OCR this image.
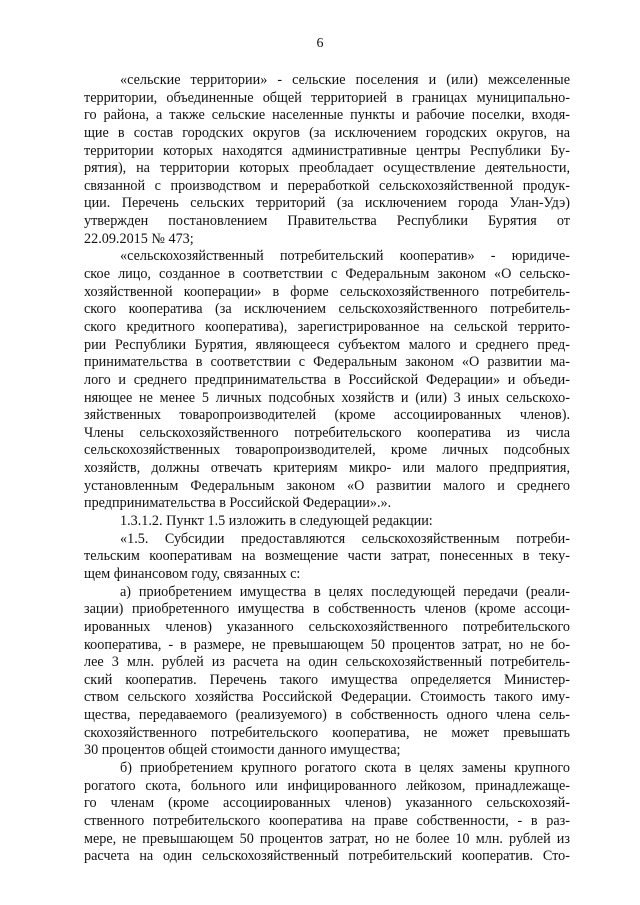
6
«сельские территории» - сельские поселения и (или) межселенные
территории, объединенные общей территорией в границах муниципально-
го района, а также сельские населенные пункты и рабочие поселки, входя-
щие в состав городских округов (за исключением городских округов, на
территории которых находятся административные центры Республики Бу-
рятия), на территории которых преобладает осуществление деятельности,
связанной с производством и переработкой сельскохозяйственной продук-
ции. Перечень сельских территорий (за исключением города Улан-Удэ)
утвержден постановлением Правительства Республики Бурятия от
22.09.2015 № 473;
«сельскохозяйственный потребительский кооператив» - юридиче-
ское лицо, созданное в соответствии с Федеральным законом «О сельско-
хозяйственной кооперации» в форме сельскохозяйственного потребитель-
ского кооператива (за исключением сельскохозяйственного потребитель-
ского кредитного кооператива), зарегистрированное на сельской террито-
рии Республики Бурятия, являющееся субъектом малого и среднего пред-
принимательства в соответствии с Федеральным законом «О развитии ма-
лого и среднего предпринимательства в Российской Федерации» и объеди-
няющее не менее 5 личных подсобных хозяйств и (или) 3 иных сельскохо-
зяйственных товаропроизводителей (кроме ассоциированных членов).
Члены сельскохозяйственного потребительского кооператива из числа
сельскохозяйственных товаропроизводителей, кроме личных подсобных
хозяйств, должны отвечать критериям микро- или малого предприятия,
установленным Федеральным законом «О развитии малого и среднего
предпринимательства в Российской Федерации».».
1.3.1.2. Пункт 1.5 изложить в следующей редакции:
«1.5. Субсидии предоставляются сельскохозяйственным потреби-
тельским кооперативам на возмещение части затрат, понесенных в теку-
щем финансовом году, связанных с:
а) приобретением имущества в целях последующей передачи (реали-
зации) приобретенного имущества в собственность членов (кроме ассоци-
ированных членов) указанного сельскохозяйственного потребительского
кооператива, - в размере, не превышающем 50 процентов затрат, но не бо-
лее 3 млн. рублей из расчета на один сельскохозяйственный потребитель-
ский кооператив. Перечень такого имущества определяется Министер-
ством сельского хозяйства Российской Федерации. Стоимость такого иму-
щества, передаваемого (реализуемого) в собственность одного члена сель-
скохозяйственного потребительского кооператива, не может превышать
30 процентов общей стоимости данного имущества;
б) приобретением крупного рогатого скота в целях замены крупного
рогатого скота, больного или инфицированного лейкозом, принадлежаще-
го членам (кроме ассоциированных членов) указанного сельскохозяй-
ственного потребительского кооператива на праве собственности, - в раз-
мере, не превышающем 50 процентов затрат, но не более 10 млн. рублей из
расчета на один сельскохозяйственный потребительский кооператив. Сто-
